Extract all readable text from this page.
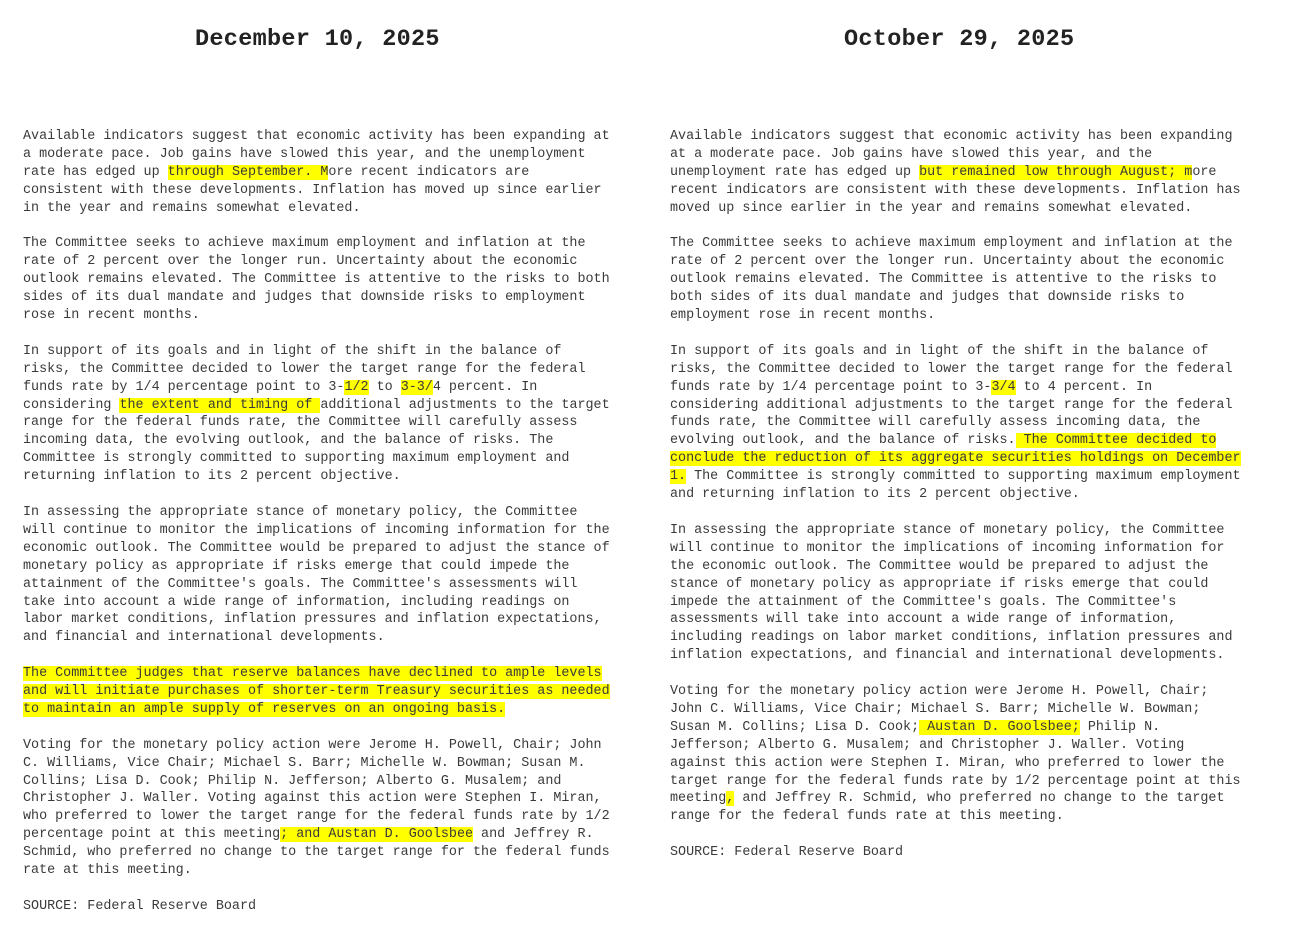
December 10, 2025
Available indicators suggest that economic activity has been expanding at
a moderate pace. Job gains have slowed this year, and the unemployment
rate has edged up through September. More recent indicators are
consistent with these developments. Inflation has moved up since earlier
in the year and remains somewhat elevated.
The Committee seeks to achieve maximum employment and inflation at the
rate of 2 percent over the longer run. Uncertainty about the economic
outlook remains elevated. The Committee is attentive to the risks to both
sides of its dual mandate and judges that downside risks to employment
rose in recent months.
In support of its goals and in light of the shift in the balance of
risks, the Committee decided to lower the target range for the federal
funds rate by 1/4 percentage point to 3-1/2 to 3-3/4 percent. In
considering the extent and timing of additional adjustments to the target
range for the federal funds rate, the Committee will carefully assess
incoming data, the evolving outlook, and the balance of risks. The
Committee is strongly committed to supporting maximum employment and
returning inflation to its 2 percent objective.
In assessing the appropriate stance of monetary policy, the Committee
will continue to monitor the implications of incoming information for the
economic outlook. The Committee would be prepared to adjust the stance of
monetary policy as appropriate if risks emerge that could impede the
attainment of the Committee's goals. The Committee's assessments will
take into account a wide range of information, including readings on
labor market conditions, inflation pressures and inflation expectations,
and financial and international developments.
The Committee judges that reserve balances have declined to ample levels
and will initiate purchases of shorter-term Treasury securities as needed
to maintain an ample supply of reserves on an ongoing basis.
Voting for the monetary policy action were Jerome H. Powell, Chair; John
C. Williams, Vice Chair; Michael S. Barr; Michelle W. Bowman; Susan M.
Collins; Lisa D. Cook; Philip N. Jefferson; Alberto G. Musalem; and
Christopher J. Waller. Voting against this action were Stephen I. Miran,
who preferred to lower the target range for the federal funds rate by 1/2
percentage point at this meeting; and Austan D. Goolsbee and Jeffrey R.
Schmid, who preferred no change to the target range for the federal funds
rate at this meeting.
SOURCE: Federal Reserve Board
October 29, 2025
Available indicators suggest that economic activity has been expanding
at a moderate pace. Job gains have slowed this year, and the
unemployment rate has edged up but remained low through August; more
recent indicators are consistent with these developments. Inflation has
moved up since earlier in the year and remains somewhat elevated.
The Committee seeks to achieve maximum employment and inflation at the
rate of 2 percent over the longer run. Uncertainty about the economic
outlook remains elevated. The Committee is attentive to the risks to
both sides of its dual mandate and judges that downside risks to
employment rose in recent months.
In support of its goals and in light of the shift in the balance of
risks, the Committee decided to lower the target range for the federal
funds rate by 1/4 percentage point to 3-3/4 to 4 percent. In
considering additional adjustments to the target range for the federal
funds rate, the Committee will carefully assess incoming data, the
evolving outlook, and the balance of risks. The Committee decided to
conclude the reduction of its aggregate securities holdings on December
1. The Committee is strongly committed to supporting maximum employment
and returning inflation to its 2 percent objective.
In assessing the appropriate stance of monetary policy, the Committee
will continue to monitor the implications of incoming information for
the economic outlook. The Committee would be prepared to adjust the
stance of monetary policy as appropriate if risks emerge that could
impede the attainment of the Committee's goals. The Committee's
assessments will take into account a wide range of information,
including readings on labor market conditions, inflation pressures and
inflation expectations, and financial and international developments.
Voting for the monetary policy action were Jerome H. Powell, Chair;
John C. Williams, Vice Chair; Michael S. Barr; Michelle W. Bowman;
Susan M. Collins; Lisa D. Cook; Austan D. Goolsbee; Philip N.
Jefferson; Alberto G. Musalem; and Christopher J. Waller. Voting
against this action were Stephen I. Miran, who preferred to lower the
target range for the federal funds rate by 1/2 percentage point at this
meeting, and Jeffrey R. Schmid, who preferred no change to the target
range for the federal funds rate at this meeting.
SOURCE: Federal Reserve Board
